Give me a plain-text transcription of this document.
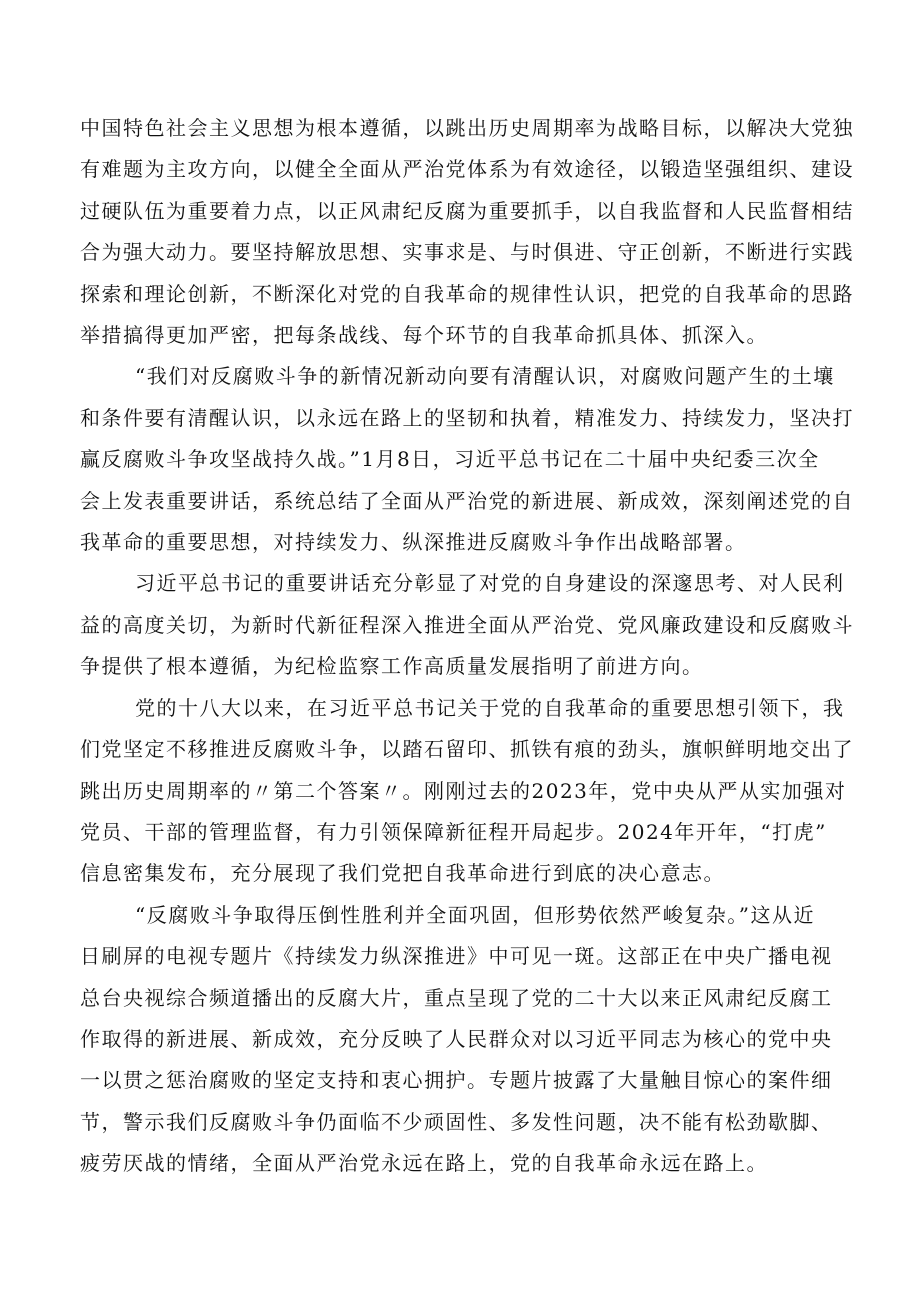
中国特色社会主义思想为根本遵循，以跳出历史周期率为战略目标，以解决大党独
有难题为主攻方向，以健全全面从严治党体系为有效途径，以锻造坚强组织、建设
过硬队伍为重要着力点，以正风肃纪反腐为重要抓手，以自我监督和人民监督相结
合为强大动力。要坚持解放思想、实事求是、与时俱进、守正创新，不断进行实践
探索和理论创新，不断深化对党的自我革命的规律性认识，把党的自我革命的思路
举措搞得更加严密，把每条战线、每个环节的自我革命抓具体、抓深入。

“我们对反腐败斗争的新情况新动向要有清醒认识，对腐败问题产生的土壤
和条件要有清醒认识，以永远在路上的坚韧和执着，精准发力、持续发力，坚决打
赢反腐败斗争攻坚战持久战。”1月8日，习近平总书记在二十届中央纪委三次全
会上发表重要讲话，系统总结了全面从严治党的新进展、新成效，深刻阐述党的自
我革命的重要思想，对持续发力、纵深推进反腐败斗争作出战略部署。

习近平总书记的重要讲话充分彰显了对党的自身建设的深邃思考、对人民利
益的高度关切，为新时代新征程深入推进全面从严治党、党风廉政建设和反腐败斗
争提供了根本遵循，为纪检监察工作高质量发展指明了前进方向。

党的十八大以来，在习近平总书记关于党的自我革命的重要思想引领下，我
们党坚定不移推进反腐败斗争，以踏石留印、抓铁有痕的劲头，旗帜鲜明地交出了
跳出历史周期率的〃第二个答案〃。刚刚过去的2023年，党中央从严从实加强对
党员、干部的管理监督，有力引领保障新征程开局起步。2024年开年，“打虎”
信息密集发布，充分展现了我们党把自我革命进行到底的决心意志。

“反腐败斗争取得压倒性胜利并全面巩固，但形势依然严峻复杂。”这从近
日刷屏的电视专题片《持续发力纵深推进》中可见一斑。这部正在中央广播电视
总台央视综合频道播出的反腐大片，重点呈现了党的二十大以来正风肃纪反腐工
作取得的新进展、新成效，充分反映了人民群众对以习近平同志为核心的党中央
一以贯之惩治腐败的坚定支持和衷心拥护。专题片披露了大量触目惊心的案件细
节，警示我们反腐败斗争仍面临不少顽固性、多发性问题，决不能有松劲歇脚、
疲劳厌战的情绪，全面从严治党永远在路上，党的自我革命永远在路上。
